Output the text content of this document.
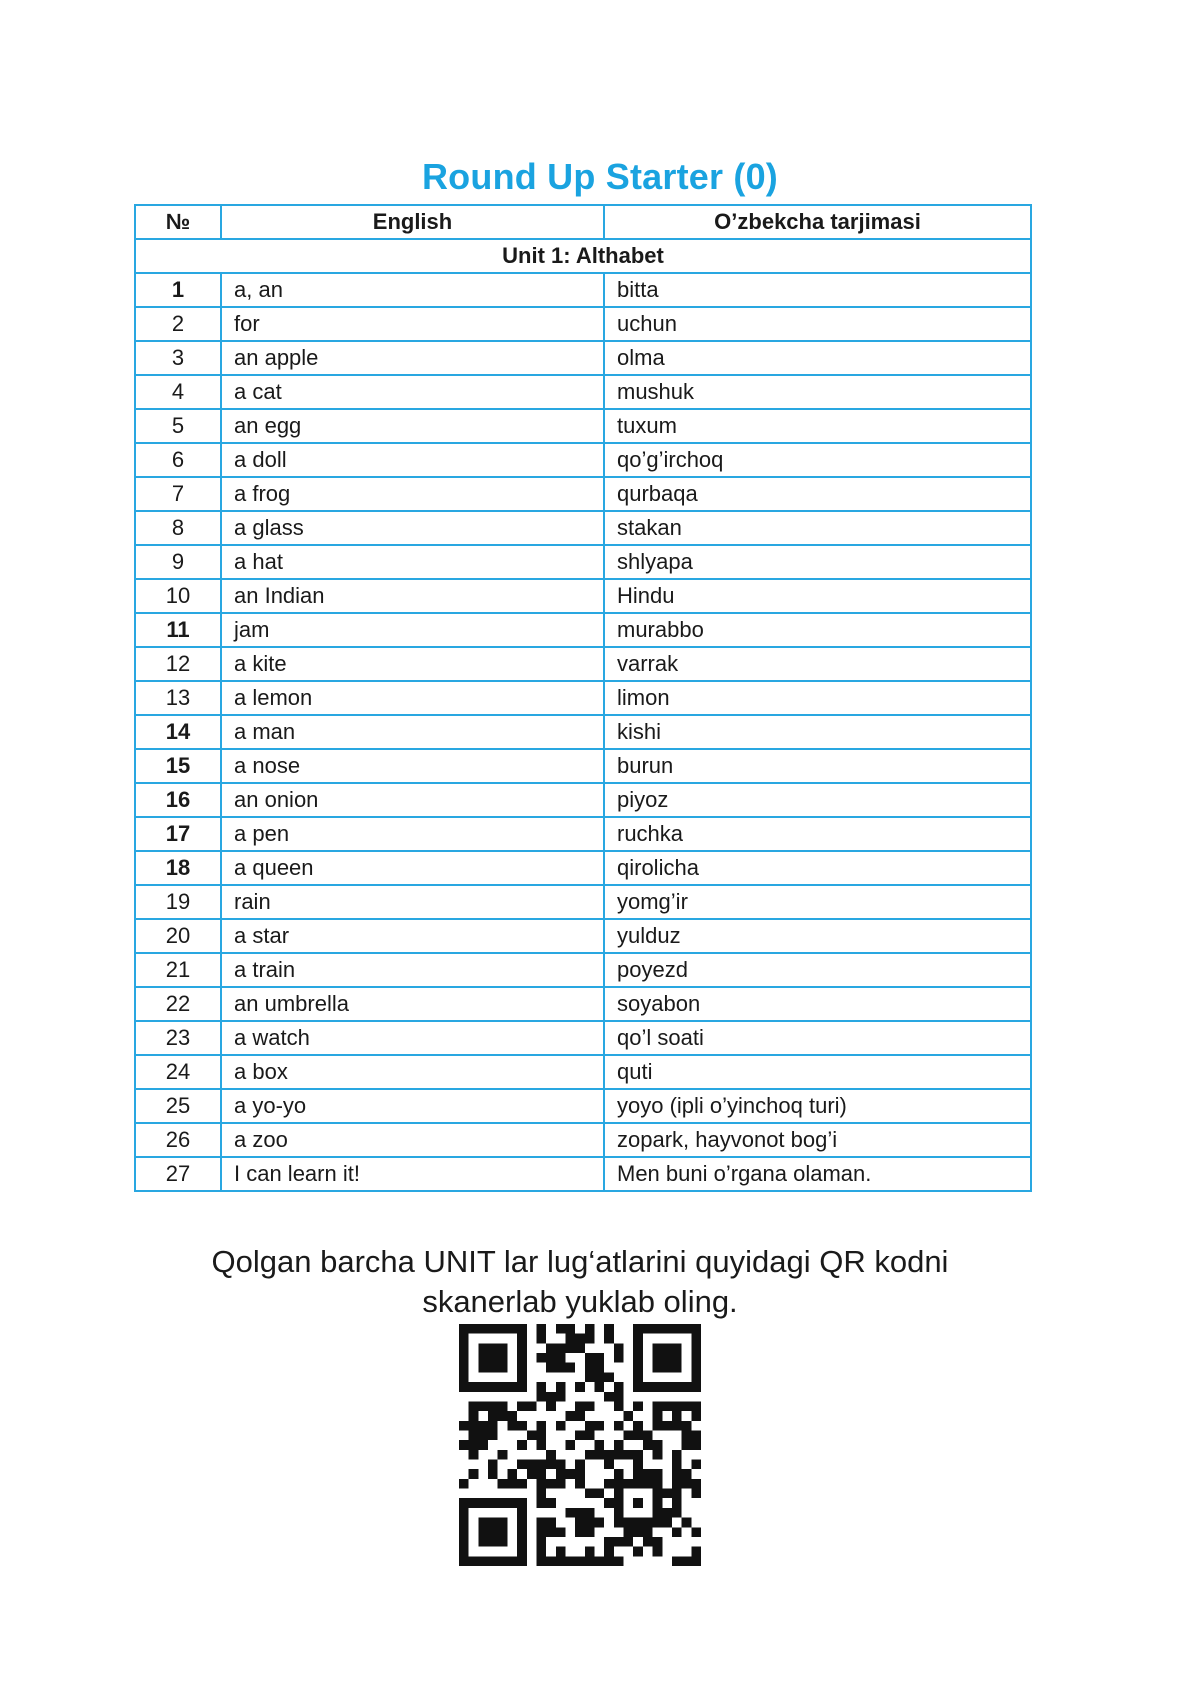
Round Up Starter (0)
№	English	O’zbekcha tarjimasi
Unit 1: Althabet		
1	a, an	bitta
2	for	uchun
3	an apple	olma
4	a cat	mushuk
5	an egg	tuxum
6	a doll	qo’g’irchoq
7	a frog	qurbaqa
8	a glass	stakan
9	a hat	shlyapa
10	an Indian	Hindu
11	jam	murabbo
12	a kite	varrak
13	a lemon	limon
14	a man	kishi
15	a nose	burun
16	an onion	piyoz
17	a pen	ruchka
18	a queen	qirolicha
19	rain	yomg’ir
20	a star	yulduz
21	a train	poyezd
22	an umbrella	soyabon
23	a watch	qo’l soati
24	a box	quti
25	a yo-yo	yoyo (ipli o’yinchoq turi)
26	a zoo	zopark, hayvonot bog’i
27	I can learn it!	Men buni o’rgana olaman.
Qolgan barcha UNIT lar lug‘atlarini quyidagi QR kodni
skanerlab yuklab oling.
